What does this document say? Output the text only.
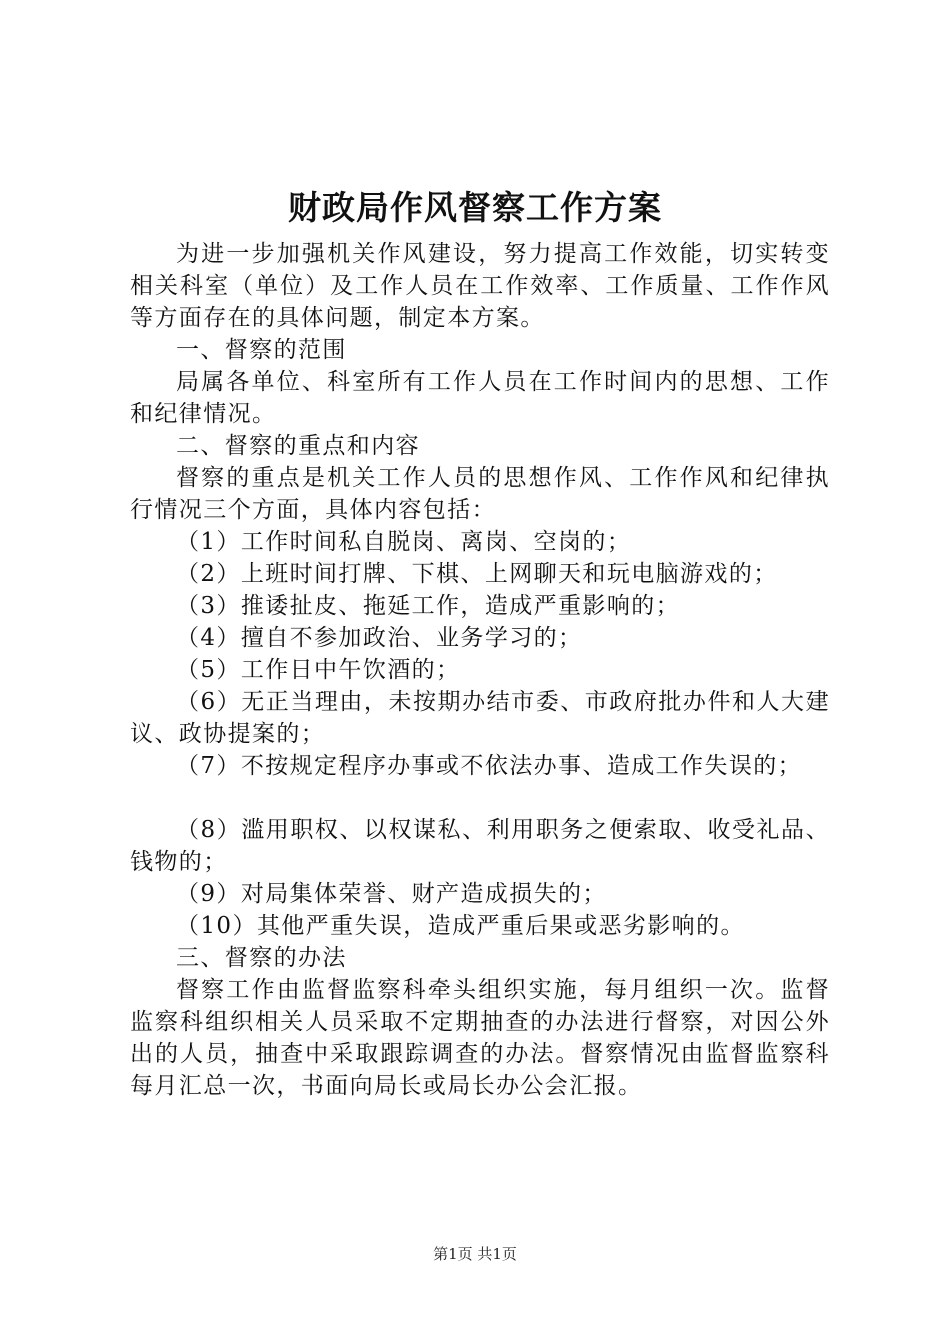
财政局作风督察工作方案

为进一步加强机关作风建设，努力提高工作效能，切实转变相关科室（单位）及工作人员在工作效率、工作质量、工作作风等方面存在的具体问题，制定本方案。

一、督察的范围

局属各单位、科室所有工作人员在工作时间内的思想、工作和纪律情况。

二、督察的重点和内容

督察的重点是机关工作人员的思想作风、工作作风和纪律执行情况三个方面，具体内容包括：

（1）工作时间私自脱岗、离岗、空岗的；

（2）上班时间打牌、下棋、上网聊天和玩电脑游戏的；

（3）推诿扯皮、拖延工作，造成严重影响的；

（4）擅自不参加政治、业务学习的；

（5）工作日中午饮酒的；

（6）无正当理由，未按期办结市委、市政府批办件和人大建议、政协提案的；

（7）不按规定程序办事或不依法办事、造成工作失误的；

（8）滥用职权、以权谋私、利用职务之便索取、收受礼品、钱物的；

（9）对局集体荣誉、财产造成损失的；

（10）其他严重失误，造成严重后果或恶劣影响的。

三、督察的办法

督察工作由监督监察科牵头组织实施，每月组织一次。监督监察科组织相关人员采取不定期抽查的办法进行督察，对因公外出的人员，抽查中采取跟踪调查的办法。督察情况由监督监察科每月汇总一次，书面向局长或局长办公会汇报。

第1页 共1页
